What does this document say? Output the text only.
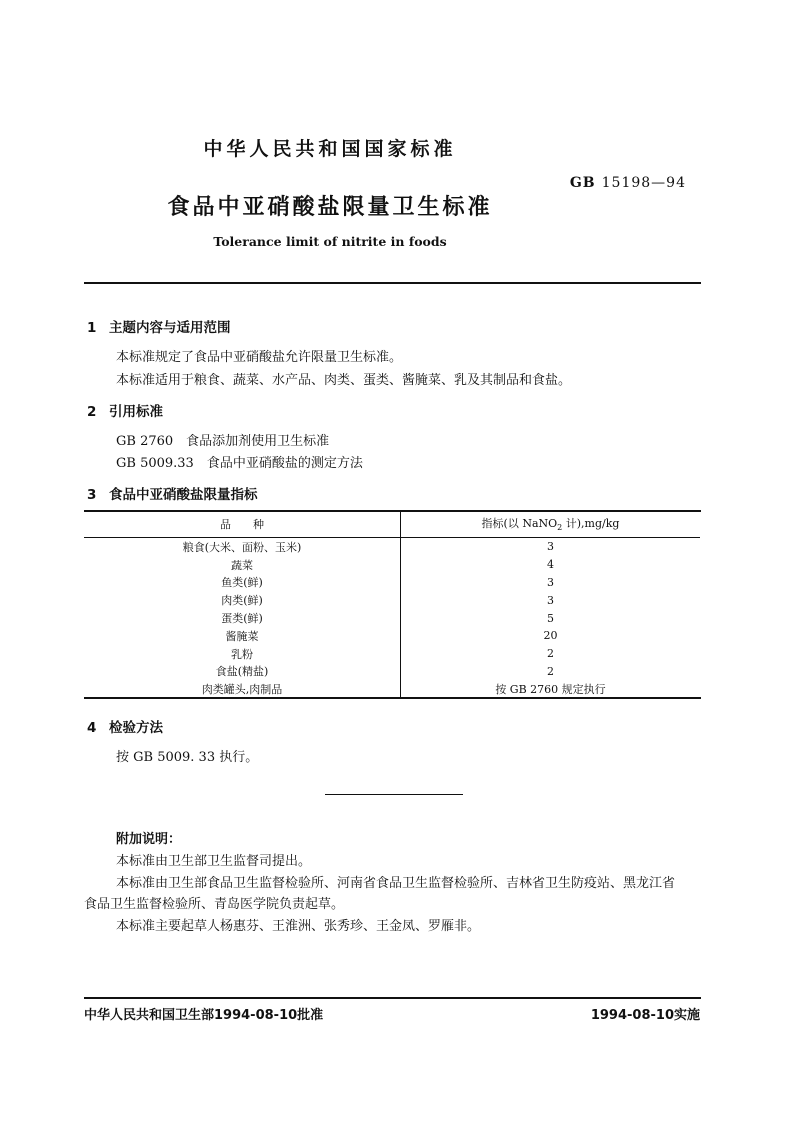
中华人民共和国国家标准
GB 15198—94
食品中亚硝酸盐限量卫生标准
Tolerance limit of nitrite in foods
1 主题内容与适用范围
本标准规定了食品中亚硝酸盐允许限量卫生标准。
本标准适用于粮食、蔬菜、水产品、肉类、蛋类、酱腌菜、乳及其制品和食盐。
2 引用标准
GB 2760　食品添加剂使用卫生标准
GB 5009.33　食品中亚硝酸盐的测定方法
3 食品中亚硝酸盐限量指标
品　　种	指标(以 NaNO$_2$ 计),mg/kg
粮食(大米、面粉、玉米)	3
蔬菜	4
鱼类(鲜)	3
肉类(鲜)	3
蛋类(鲜)	5
酱腌菜	20
乳粉	2
食盐(精盐)	2
肉类罐头,肉制品	按 GB 2760 规定执行
4 检验方法
按 GB 5009. 33 执行。
附加说明：
本标准由卫生部卫生监督司提出。
本标准由卫生部食品卫生监督检验所、河南省食品卫生监督检验所、吉林省卫生防疫站、黑龙江省
食品卫生监督检验所、青岛医学院负责起草。
本标准主要起草人杨惠芬、王淮洲、张秀珍、王金凤、罗雁非。
中华人民共和国卫生部1994-08-10批准	1994-08-10实施
